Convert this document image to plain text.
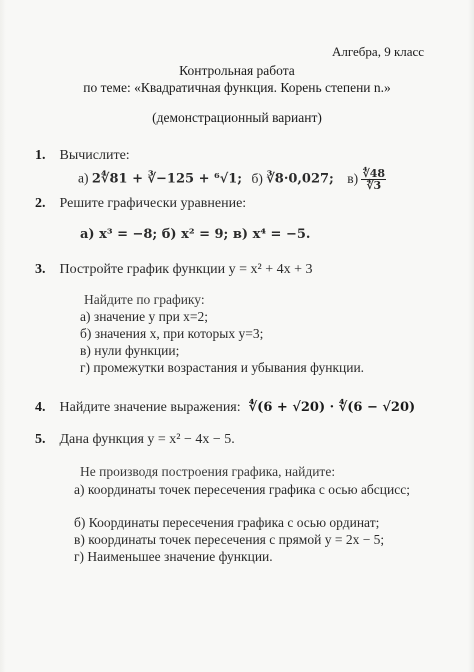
Алгебра, 9 класс
Контрольная работа
по теме: «Квадратичная функция. Корень степени n.»
(демонстрационный вариант)
1. Вычислите:
а) 2∜81 + ∛−125 + ⁶√1; б) ∛8·0,027; $в) \frac{∜48}{∜3}$
2. Решите графически уравнение:
а) x³ = −8; б) x² = 9; в) x⁴ = −5.
3. Постройте график функции y = x² + 4x + 3
Найдите по графику:
а) значение у при х=2;
б) значения х, при которых у=3;
в) нули функции;
г) промежутки возрастания и убывания функции.
4. Найдите значение выражения: ∜(6 + √20) · ∜(6 − √20)
5. Дана функция y = x² − 4x − 5.
Не производя построения графика, найдите:
а) координаты точек пересечения графика с осью абсцисс;
б) Координаты пересечения графика с осью ординат;
в) координаты точек пересечения с прямой y = 2x − 5;
г) Наименьшее значение функции.
